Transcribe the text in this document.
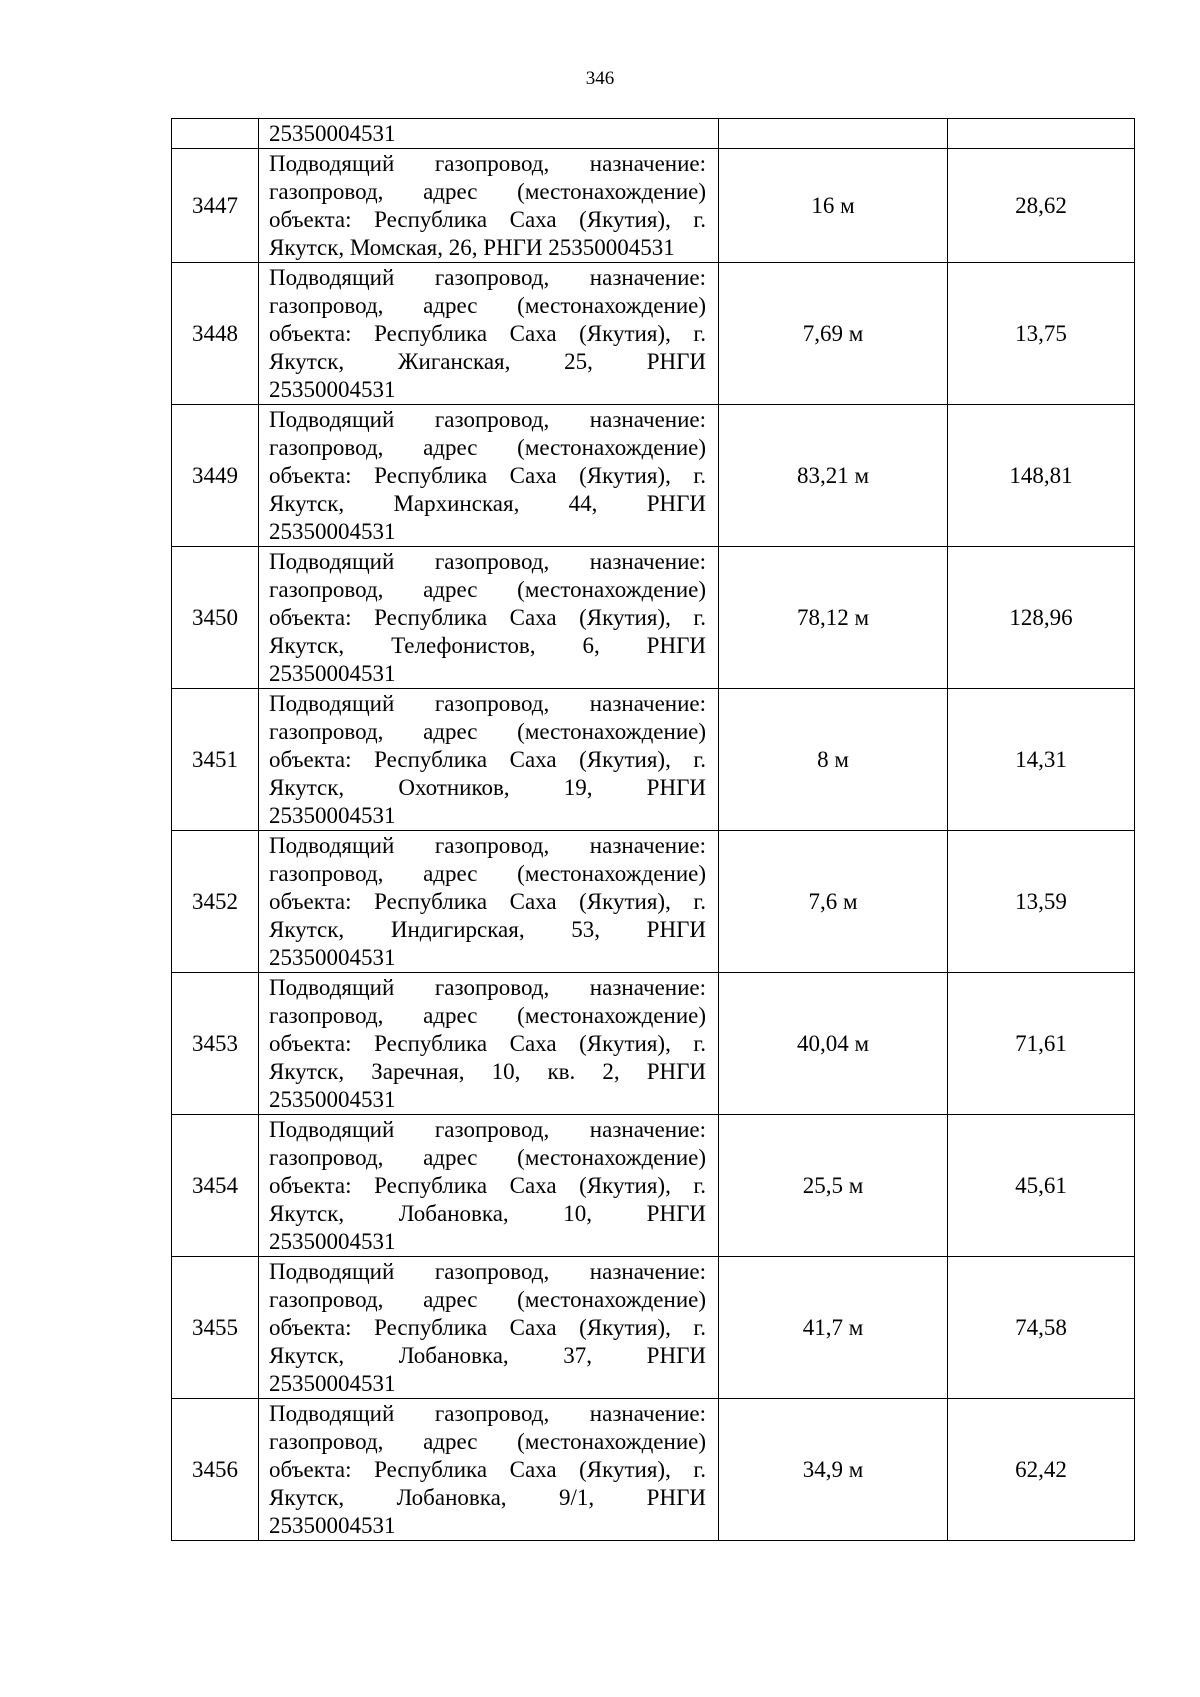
346

	25350004531		

3447	Подводящий газопровод, назначение:
газопровод, адрес (местонахождение)
объекта: Республика Саха (Якутия), г.
Якутск, Момская, 26, РНГИ 25350004531	16 м	28,62
3448	Подводящий газопровод, назначение:
газопровод, адрес (местонахождение)
объекта: Республика Саха (Якутия), г.
Якутск, Жиганская, 25, РНГИ
25350004531	7,69 м	13,75
3449	Подводящий газопровод, назначение:
газопровод, адрес (местонахождение)
объекта: Республика Саха (Якутия), г.
Якутск, Мархинская, 44, РНГИ
25350004531	83,21 м	148,81
3450	Подводящий газопровод, назначение:
газопровод, адрес (местонахождение)
объекта: Республика Саха (Якутия), г.
Якутск, Телефонистов, 6, РНГИ
25350004531	78,12 м	128,96
3451	Подводящий газопровод, назначение:
газопровод, адрес (местонахождение)
объекта: Республика Саха (Якутия), г.
Якутск, Охотников, 19, РНГИ
25350004531	8 м	14,31
3452	Подводящий газопровод, назначение:
газопровод, адрес (местонахождение)
объекта: Республика Саха (Якутия), г.
Якутск, Индигирская, 53, РНГИ
25350004531	7,6 м	13,59
3453	Подводящий газопровод, назначение:
газопровод, адрес (местонахождение)
объекта: Республика Саха (Якутия), г.
Якутск, Заречная, 10, кв. 2, РНГИ
25350004531	40,04 м	71,61
3454	Подводящий газопровод, назначение:
газопровод, адрес (местонахождение)
объекта: Республика Саха (Якутия), г.
Якутск, Лобановка, 10, РНГИ
25350004531	25,5 м	45,61
3455	Подводящий газопровод, назначение:
газопровод, адрес (местонахождение)
объекта: Республика Саха (Якутия), г.
Якутск, Лобановка, 37, РНГИ
25350004531	41,7 м	74,58
3456	Подводящий газопровод, назначение:
газопровод, адрес (местонахождение)
объекта: Республика Саха (Якутия), г.
Якутск, Лобановка, 9/1, РНГИ
25350004531	34,9 м	62,42
